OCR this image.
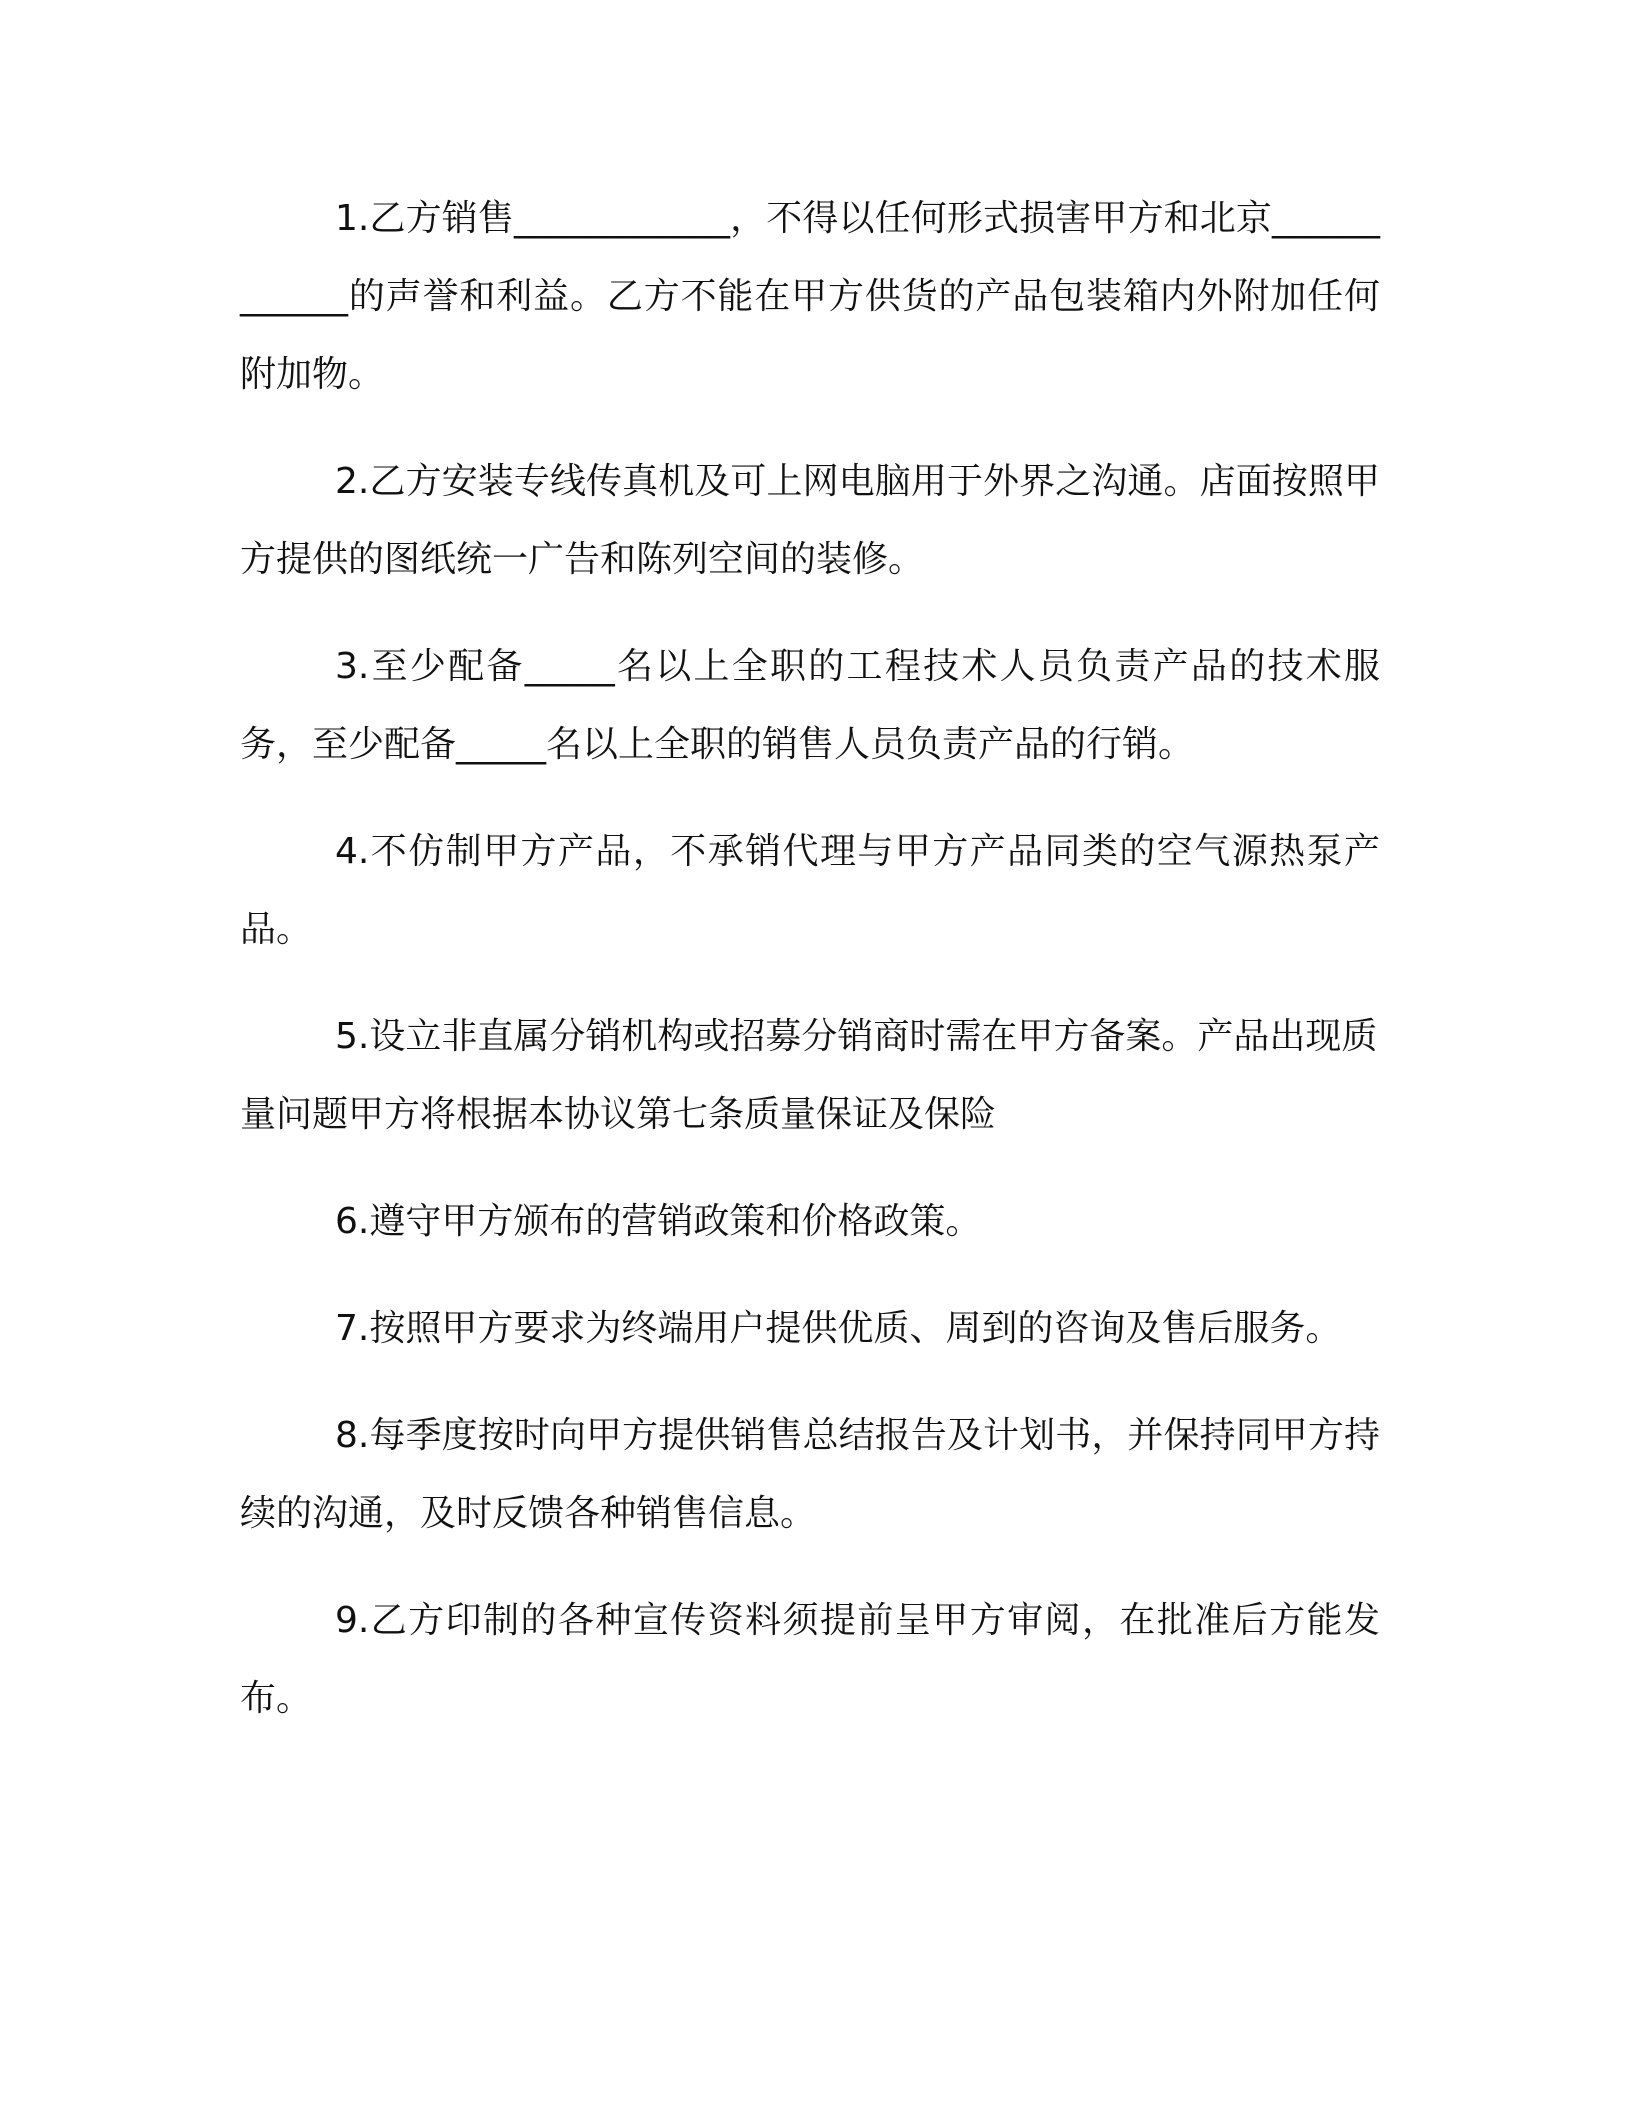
1.乙方销售____________，不得以任何形式损害甲方和北京____________的声誉和利益。乙方不能在甲方供货的产品包装箱内外附加任何附加物。

2.乙方安装专线传真机及可上网电脑用于外界之沟通。店面按照甲方提供的图纸统一广告和陈列空间的装修。

3.至少配备_____名以上全职的工程技术人员负责产品的技术服务，至少配备_____名以上全职的销售人员负责产品的行销。

4.不仿制甲方产品，不承销代理与甲方产品同类的空气源热泵产品。

5.设立非直属分销机构或招募分销商时需在甲方备案。产品出现质量问题甲方将根据本协议第七条质量保证及保险

6.遵守甲方颁布的营销政策和价格政策。

7.按照甲方要求为终端用户提供优质、周到的咨询及售后服务。

8.每季度按时向甲方提供销售总结报告及计划书，并保持同甲方持续的沟通，及时反馈各种销售信息。

9.乙方印制的各种宣传资料须提前呈甲方审阅，在批准后方能发布。
